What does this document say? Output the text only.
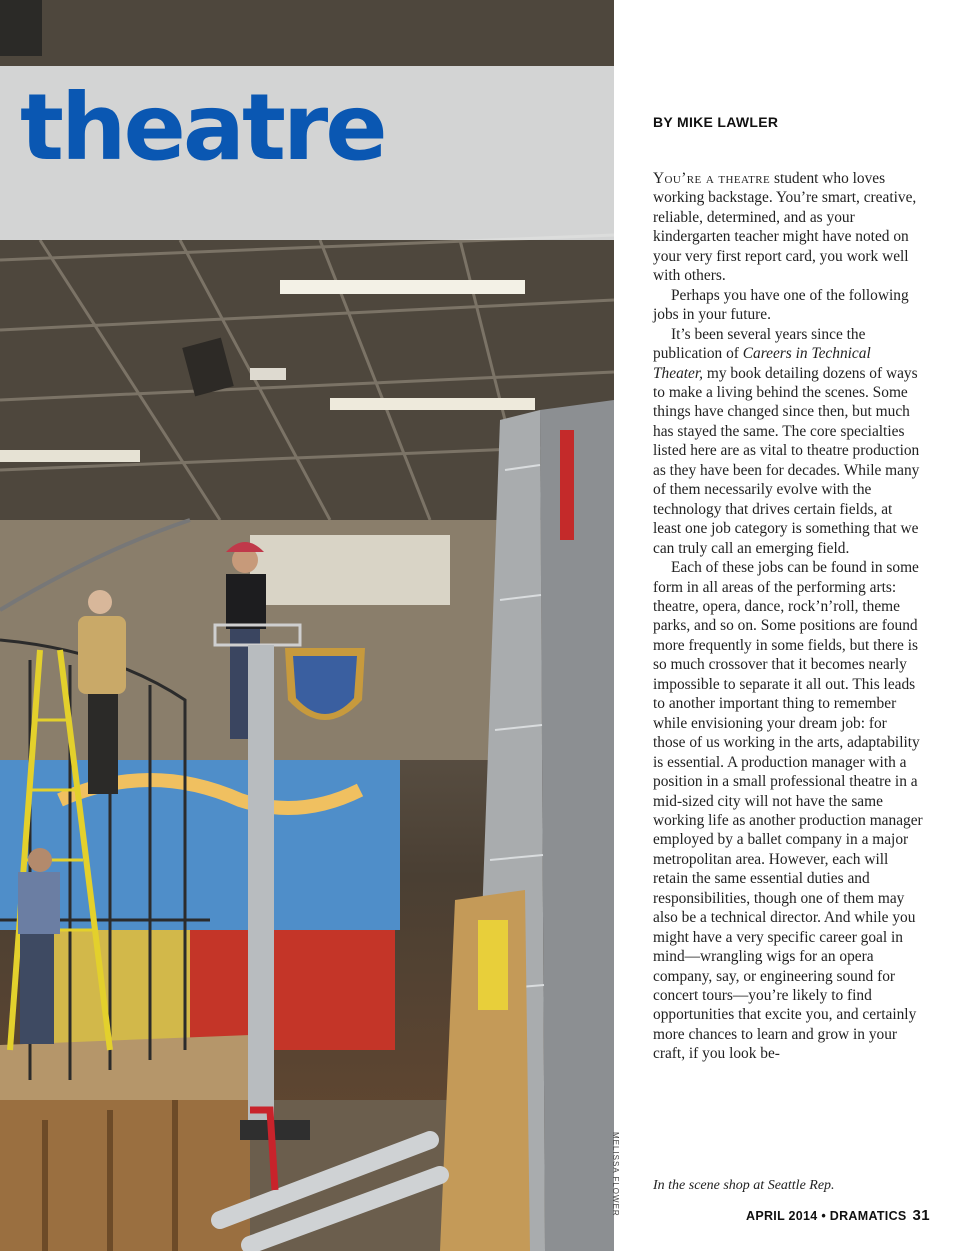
theatre
MELISSA FLOWER
BY MIKE LAWLER

You’re a theatre student who loves working backstage. You’re smart, creative, reliable, determined, and as your kindergarten teacher might have noted on your very first report card, you work well with others.

Perhaps you have one of the following jobs in your future.

It’s been several years since the publication of Careers in Technical Theater, my book detailing dozens of ways to make a living behind the scenes. Some things have changed since then, but much has stayed the same. The core specialties listed here are as vital to theatre production as they have been for decades. While many of them necessarily evolve with the technology that drives certain fields, at least one job category is something that we can truly call an emerging field.

Each of these jobs can be found in some form in all areas of the performing arts: theatre, opera, dance, rock’n’roll, theme parks, and so on. Some positions are found more frequently in some fields, but there is so much crossover that it becomes nearly impossible to separate it all out. This leads to another important thing to remember while envisioning your dream job: for those of us working in the arts, adaptability is essential. A production manager with a position in a small professional theatre in a mid-sized city will not have the same working life as another production manager employed by a ballet company in a major metropolitan area. However, each will retain the same essential duties and responsibilities, though one of them may also be a technical director. And while you might have a very specific career goal in mind—wrangling wigs for an opera company, say, or engineering sound for concert tours—you’re likely to find opportunities that excite you, and certainly more chances to learn and grow in your craft, if you look be-

In the scene shop at Seattle Rep.

APRIL 2014 • DRAMATICS 31
